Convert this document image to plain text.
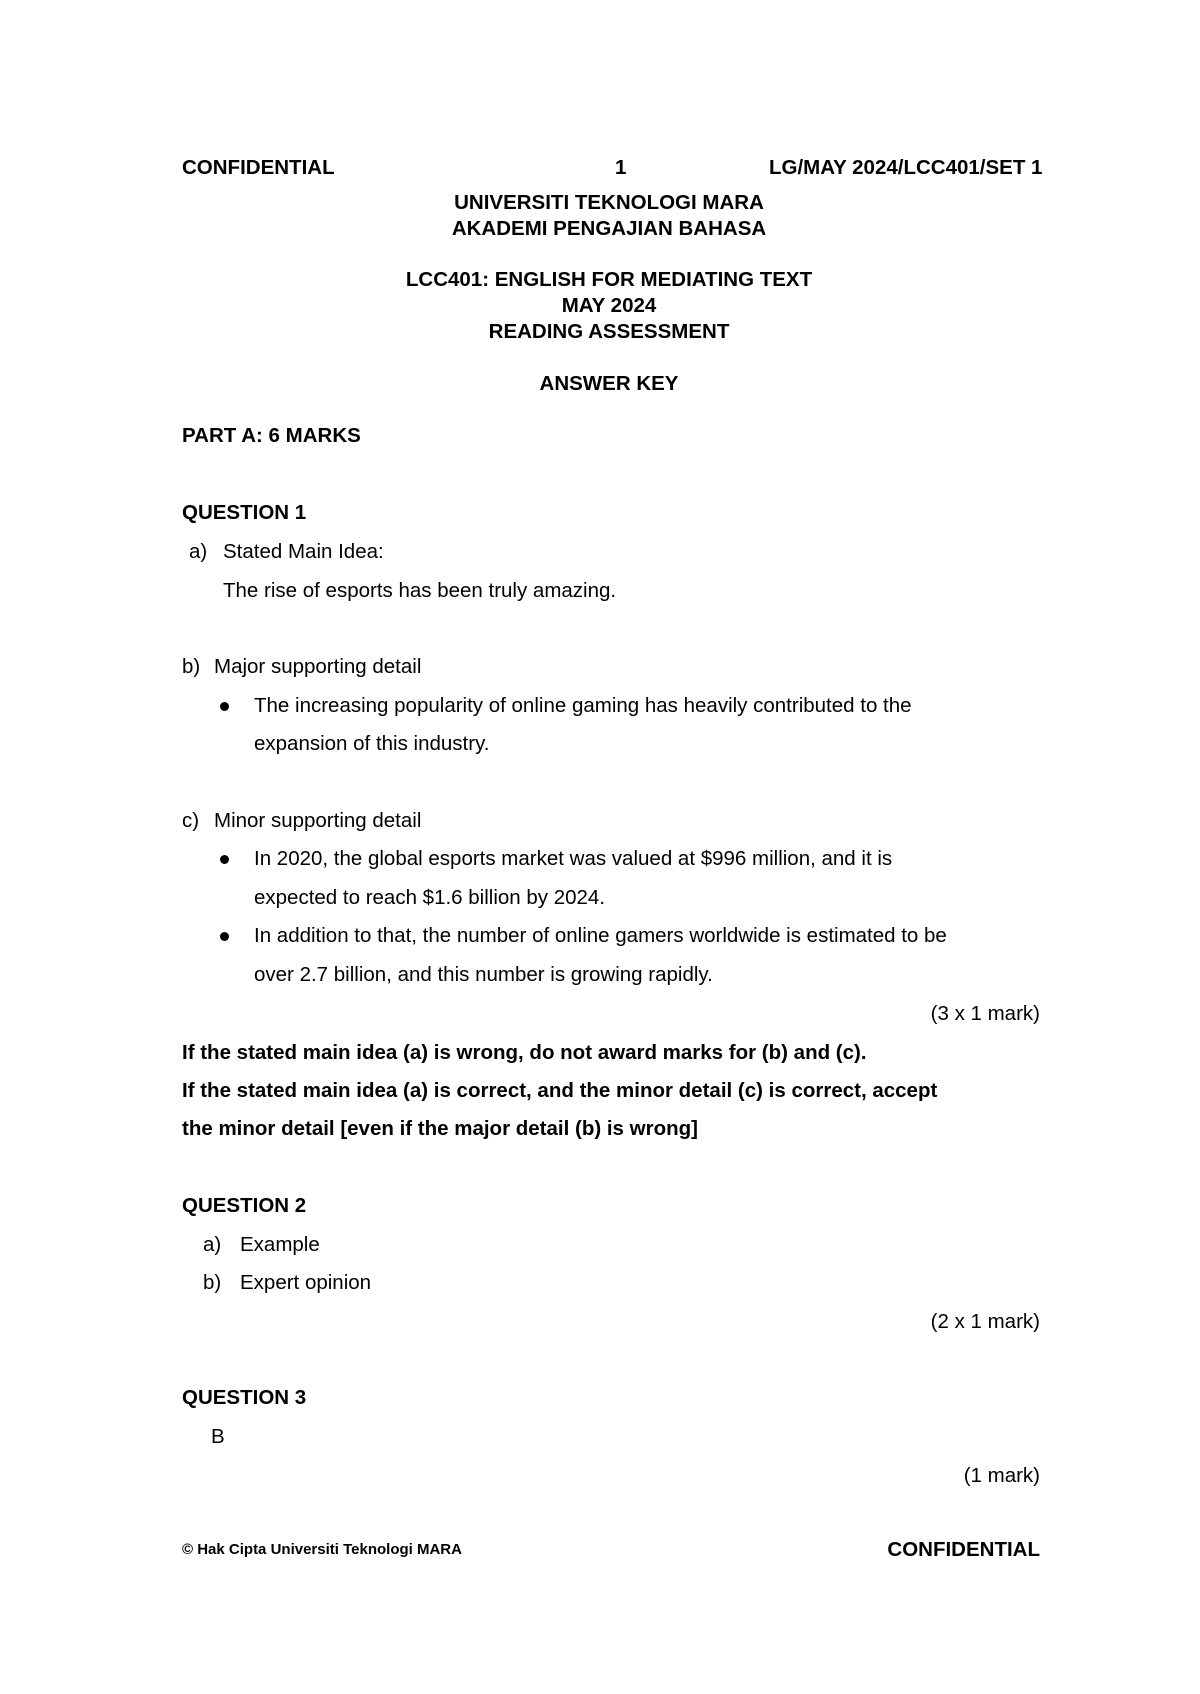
CONFIDENTIAL	1	LG/MAY 2024/LCC401/SET 1
UNIVERSITI TEKNOLOGI MARA
AKADEMI PENGAJIAN BAHASA
LCC401: ENGLISH FOR MEDIATING TEXT
MAY 2024
READING ASSESSMENT
ANSWER KEY
PART A: 6 MARKS
QUESTION 1
a) Stated Main Idea:
The rise of esports has been truly amazing.
b) Major supporting detail
The increasing popularity of online gaming has heavily contributed to the
expansion of this industry.
c) Minor supporting detail
In 2020, the global esports market was valued at $996 million, and it is
expected to reach $1.6 billion by 2024.
In addition to that, the number of online gamers worldwide is estimated to be
over 2.7 billion, and this number is growing rapidly.
(3 x 1 mark)
If the stated main idea (a) is wrong, do not award marks for (b) and (c).
If the stated main idea (a) is correct, and the minor detail (c) is correct, accept
the minor detail [even if the major detail (b) is wrong]
QUESTION 2
a) Example
b) Expert opinion
(2 x 1 mark)
QUESTION 3
B
(1 mark)
© Hak Cipta Universiti Teknologi MARA	CONFIDENTIAL
